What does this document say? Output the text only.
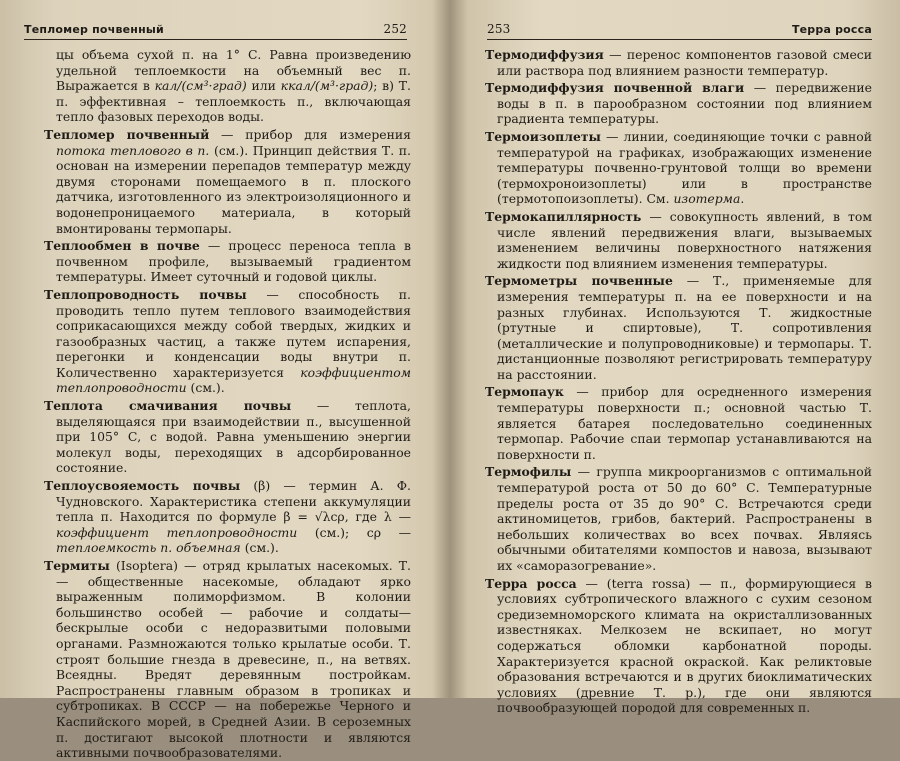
Тепломер почвенный	252

цы объема сухой п. на 1° С. Равна произведению удельной теплоемкости на объемный вес п. Выражается в кал/(см³·град) или ккал/(м³·град); в) Т. п. эффективная – теплоемкость п., включающая тепло фазовых переходов воды.

Тепломер почвенный — прибор для измерения потока теплового в п. (см.). Принцип действия Т. п. основан на измерении перепадов температур между двумя сторонами помещаемого в п. плоского датчика, изготовленного из электроизоляционного и водонепроницаемого материала, в который вмонтированы термопары.

Теплообмен в почве — процесс переноса тепла в почвенном профиле, вызываемый градиентом температуры. Имеет суточный и годовой циклы.

Теплопроводность почвы — способность п. проводить тепло путем теплового взаимодействия соприкасающихся между собой твердых, жидких и газообразных частиц, а также путем испарения, перегонки и конденсации воды внутри п. Количественно характеризуется коэффициентом теплопроводности (см.).

Теплота смачивания почвы — теплота, выделяющаяся при взаимодействии п., высушенной при 105° С, с водой. Равна уменьшению энергии молекул воды, переходящих в адсорбированное состояние.

Теплоусвояемость почвы (β) — термин А. Ф. Чудновского. Характеристика степени аккумуляции тепла п. Находится по формуле β = √λcρ, где λ — коэффициент теплопроводности (см.); cρ — теплоемкость п. объемная (см.).

Термиты (Isoptera) — отряд крылатых насекомых. Т. — общественные насекомые, обладают ярко выраженным полиморфизмом. В колонии большинство особей — рабочие и солдаты—бескрылые особи с недоразвитыми половыми органами. Размножаются только крылатые особи. Т. строят большие гнезда в древесине, п., на ветвях. Всеядны. Вредят деревянным постройкам. Распространены главным образом в тропиках и субтропиках. В СССР — на побережье Черного и Каспийского морей, в Средней Азии. В сероземных п. достигают высокой плотности и являются активными почвообразователями.

253	Терра росса

Термодиффузия — перенос компонентов газовой смеси или раствора под влиянием разности температур.

Термодиффузия почвенной влаги — передвижение воды в п. в парообразном состоянии под влиянием градиента температуры.

Термоизоплеты — линии, соединяющие точки с равной температурой на графиках, изображающих изменение температуры почвенно-грунтовой толщи во времени (термохроноизоплеты) или в пространстве (термотопоизоплеты). См. изотерма.

Термокапиллярность — совокупность явлений, в том числе явлений передвижения влаги, вызываемых изменением величины поверхностного натяжения жидкости под влиянием изменения температуры.

Термометры почвенные — Т., применяемые для измерения температуры п. на ее поверхности и на разных глубинах. Используются Т. жидкостные (ртутные и спиртовые), Т. сопротивления (металлические и полупроводниковые) и термопары. Т. дистанционные позволяют регистрировать температуру на расстоянии.

Термопаук — прибор для осредненного измерения температуры поверхности п.; основной частью Т. является батарея последовательно соединенных термопар. Рабочие спаи термопар устанавливаются на поверхности п.

Термофилы — группа микроорганизмов с оптимальной температурой роста от 50 до 60° С. Температурные пределы роста от 35 до 90° С. Встречаются среди актиномицетов, грибов, бактерий. Распространены в небольших количествах во всех почвах. Являясь обычными обитателями компостов и навоза, вызывают их «саморазогревание».

Терра росса — (terra rossa) — п., формирующиеся в условиях субтропического влажного с сухим сезоном средиземноморского климата на окристаллизованных известняках. Мелкозем не вскипает, но могут содержаться обломки карбонатной породы. Характеризуется красной окраской. Как реликтовые образования встречаются и в других биоклиматических условиях (древние Т. р.), где они являются почвообразующей породой для современных п.
